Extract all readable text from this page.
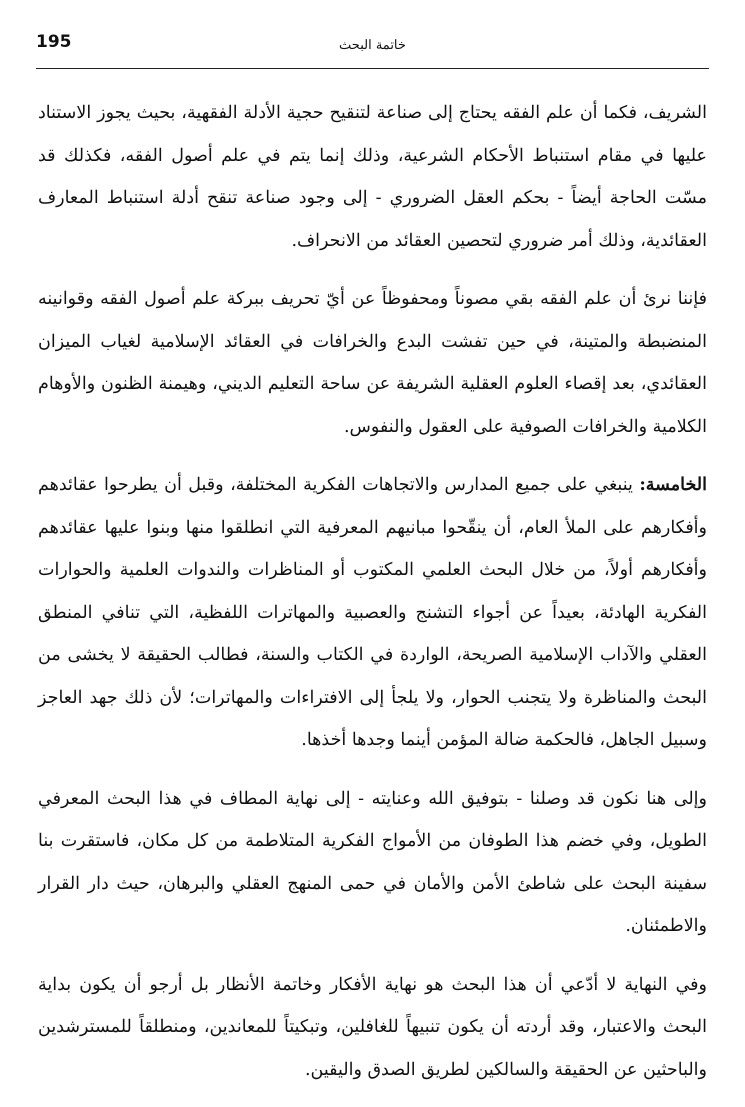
195	خاتمة البحث

الشريف، فكما أن علم الفقه يحتاج إلى صناعة لتنقيح حجية الأدلة الفقهية، بحيث يجوز الاستناد عليها في مقام استنباط الأحكام الشرعية، وذلك إنما يتم في علم أصول الفقه، فكذلك قد مسّت الحاجة أيضاً - بحكم العقل الضروري - إلى وجود صناعة تنقح أدلة استنباط المعارف العقائدية، وذلك أمر ضروري لتحصين العقائد من الانحراف.

فإننا نرئ أن علم الفقه بقي مصوناً ومحفوظاً عن أيّ تحريف ببركة علم أصول الفقه وقوانينه المنضبطة والمتينة، في حين تفشت البدع والخرافات في العقائد الإسلامية لغياب الميزان العقائدي، بعد إقصاء العلوم العقلية الشريفة عن ساحة التعليم الديني، وهيمنة الظنون والأوهام الكلامية والخرافات الصوفية على العقول والنفوس.

الخامسة: ينبغي على جميع المدارس والاتجاهات الفكرية المختلفة، وقبل أن يطرحوا عقائدهم وأفكارهم على الملأ العام، أن ينقّحوا مبانيهم المعرفية التي انطلقوا منها وبنوا عليها عقائدهم وأفكارهم أولاً، من خلال البحث العلمي المكتوب أو المناظرات والندوات العلمية والحوارات الفكرية الهادئة، بعيداً عن أجواء التشنج والعصبية والمهاترات اللفظية، التي تنافي المنطق العقلي والآداب الإسلامية الصريحة، الواردة في الكتاب والسنة، فطالب الحقيقة لا يخشى من البحث والمناظرة ولا يتجنب الحوار، ولا يلجأ إلى الافتراءات والمهاترات؛ لأن ذلك جهد العاجز وسبيل الجاهل، فالحكمة ضالة المؤمن أينما وجدها أخذها.

وإلى هنا نكون قد وصلنا - بتوفيق الله وعنايته - إلى نهاية المطاف في هذا البحث المعرفي الطويل، وفي خضم هذا الطوفان من الأمواج الفكرية المتلاطمة من كل مكان، فاستقرت بنا سفينة البحث على شاطئ الأمن والأمان في حمى المنهج العقلي والبرهان، حيث دار القرار والاطمئنان.

وفي النهاية لا أدّعي أن هذا البحث هو نهاية الأفكار وخاتمة الأنظار بل أرجو أن يكون بداية البحث والاعتبار، وقد أردته أن يكون تنبيهاً للغافلين، وتبكيتاً للمعاندين، ومنطلقاً للمسترشدين والباحثين عن الحقيقة والسالكين لطريق الصدق واليقين.
